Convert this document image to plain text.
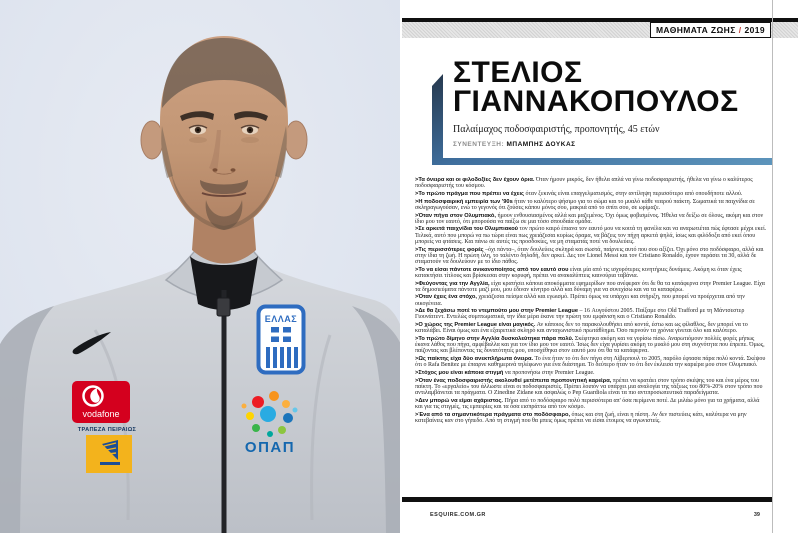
ΕΛΛΑΣ
vodafone
ΤΡΑΠΕΖΑ ΠΕΙΡΑΙΩΣ
ΟΠΑΠ
ΜΑΘΗΜΑΤΑ ΖΩΗΣ / 2019
ΣΤΕΛΙΟΣ
ΓΙΑΝΝΑΚΟΠΟΥΛΟΣ
Παλαίμαχος ποδοσφαιριστής, προπονητής, 45 ετών
ΣΥΝΕΝΤΕΥΞΗ: ΜΠΑΜΠΗΣ ΔΟΥΚΑΣ

>Τα όνειρα και οι φιλοδοξίες δεν έχουν όρια. Όταν ήμουν μικρός, δεν ήθελα απλά να γίνω ποδοσφαιριστής, ήθελα να γίνω ο καλύτερος ποδοσφαιριστής του κόσμου.

>Το πρώτο πράγμα που πρέπει να έχεις όταν ξεκινάς είναι επαγγελματισμός, στην αντίληψη περισσότερο από οπουδήποτε αλλού.

>Η ποδοσφαιρική εμπειρία των '90s ήταν το καλύτερο ψήσιμο για το σώμα και το μυαλό κάθε νεαρού παίκτη. Σωματικά τα παιχνίδια σε σκληραγωγούσαν, ενώ το γεγονός ότι ζούσες κάπου μόνος σου, μακριά από το σπίτι σου, σε ωρίμαζε.

>Όταν πήγα στον Ολυμπιακό, ήμουν ενθουσιασμένος αλλά και μαζεμένος. Όχι όμως φοβισμένος. Ήθελα να δείξω σε όλους, ακόμη και στον ίδιο μου τον εαυτό, ότι μπορούσα να παίξω σε μια τόσο σπουδαία ομάδα.

>Σε αρκετά παιχνίδια του Ολυμπιακού τον πρώτο καιρό έπιανα τον εαυτό μου να κοιτά τη φανέλα και να αναρωτιέται πώς έφτασε μέχρι εκεί. Τελικά, αυτό που μπορώ να πω τώρα είναι πως χρειάζεσαι κυρίως όραμα, να βάζεις τον πήχη αρκετά ψηλά, ίσως και φιλόδοξα από εκεί όπου μπορείς να φτάσεις. Και πάνω σε αυτές τις προσδοκίες, να μη σταματάς ποτέ να δουλεύεις.

>Τις περισσότερες φορές –όχι πάντα–, όταν δουλεύεις σκληρά και σωστά, παίρνεις αυτό που σου αξίζει. Όχι μόνο στο ποδόσφαιρο, αλλά και στην ίδια τη ζωή. Η πρώτη ύλη, το ταλέντο δηλαδή, δεν αρκεί. Δες τον Lionel Messi και τον Cristiano Ronaldo, έχουν περάσει τα 30, αλλά δε σταματούν να δουλεύουν με το ίδιο πάθος.

>Το να είσαι πάντοτε ανικανοποίητος από τον εαυτό σου είναι μία από τις ισχυρότερες κινητήριες δυνάμεις. Ακόμη κι όταν έχεις κατακτήσει τίτλους και βρίσκεσαι στην κορυφή, πρέπει να ανακαλύπτεις καινούρια ταβάνια.

>Φεύγοντας για την Αγγλία, είχα κρατήσει κάποια αποκόμματα εφημερίδων που ανέφεραν ότι δε θα τα κατάφερνα στην Premier League. Είχα τα δημοσιεύματα πάντοτε μαζί μου, μου έδιναν κίνητρο αλλά και δύναμη για να συνεχίσω και να τα καταφέρω.

>Όταν έχεις ένα στόχο, χρειάζεσαι πείσμα αλλά και εγωισμό. Πρέπει όμως να υπάρχει και στήριξη, που μπορεί να προέρχεται από την οικογένεια.

>Δε θα ξεχάσω ποτέ το ντεμπούτο μου στην Premier League – 16 Αυγούστου 2005. Παίξαμε στο Old Trafford με τη Μάντσεστερ Γιουνάιτεντ. Εντελώς συμπτωματικά, την ίδια μέρα έκανε την πρώτη του εμφάνιση και ο Cristiano Ronaldo.

>Ο χώρος της Premier League είναι μαγικός. Αν κάποιος δεν το παρακολουθήσει από κοντά, έστω και ως φίλαθλος, δεν μπορεί να το καταλάβει. Είναι όμως και ένα εξαιρετικά σκληρό και ανταγωνιστικό πρωτάθλημα. Όσο περνούν τα χρόνια γίνεται όλο και καλύτερο.

>Το πρώτο δίμηνο στην Αγγλία δυσκολεύτηκα πάρα πολύ. Σκέφτηκα ακόμη και να γυρίσω πίσω. Αναρωτιόμουν πολλές φορές μήπως έκανα λάθος που πήγα, αμφέβαλλα και για τον ίδιο μου τον εαυτό. Ίσως δεν είχα γυρίσει ακόμη το μυαλό μου στη συχνότητα που έπρεπε. Όμως, παίζοντας και βλέποντας τις δυνατότητές μου, υποσχέθηκα στον εαυτό μου ότι θα τα κατάφερνα.

>Ως παίκτης είχα δύο ανεκπλήρωτα όνειρα. Το ένα ήταν το ότι δεν πήγα στη Λίβερπουλ το 2005, παρόλο έφτασα πάρα πολύ κοντά. Σκέψου ότι ο Rafa Benitez με έπαιρνε καθημερινά τηλέφωνο για ένα διάστημα. Το δεύτερο ήταν το ότι δεν έκλεισα την καριέρα μου στον Ολυμπιακό.

>Στόχος μου είναι κάποια στιγμή να προπονήσω στην Premier League.

>Όταν ένας ποδοσφαιριστής ακολουθεί μετέπειτα προπονητική καριέρα, πρέπει να κρατάει στον τρόπο σκέψης του και ένα μέρος του παίκτη. Το «εργαλείο» του άλλωστε είναι οι ποδοσφαιριστές. Πρέπει λοιπόν να υπάρχει μια αναλογία της τάξεως του 80%-20% στον τρόπο που αντιλαμβάνεται τα πράγματα. Ο Zinedine Zidane και ασφαλώς ο Pep Guardiola είναι τα πιο αντιπροσωπευτικά παραδείγματα.

>Δεν μπορώ να είμαι αχάριστος. Πήρα από το ποδόσφαιρο πολύ περισσότερα απ' όσα περίμενα ποτέ. Δε μιλάω μόνο για τα χρήματα, αλλά και για τις στιγμές, τις εμπειρίες και τα όσα εισπράττω από τον κόσμο.

>Ένα από τα σημαντικότερα πράγματα στο ποδόσφαιρο, όπως και στη ζωή, είναι η πίστη. Αν δεν πιστεύεις κάτι, καλύτερα να μην κατεβαίνεις καν στο γήπεδο. Από τη στιγμή που θα μπεις όμως πρέπει να είσαι έτοιμος να αγωνιστείς.

ESQUIRE.COM.GR	39
